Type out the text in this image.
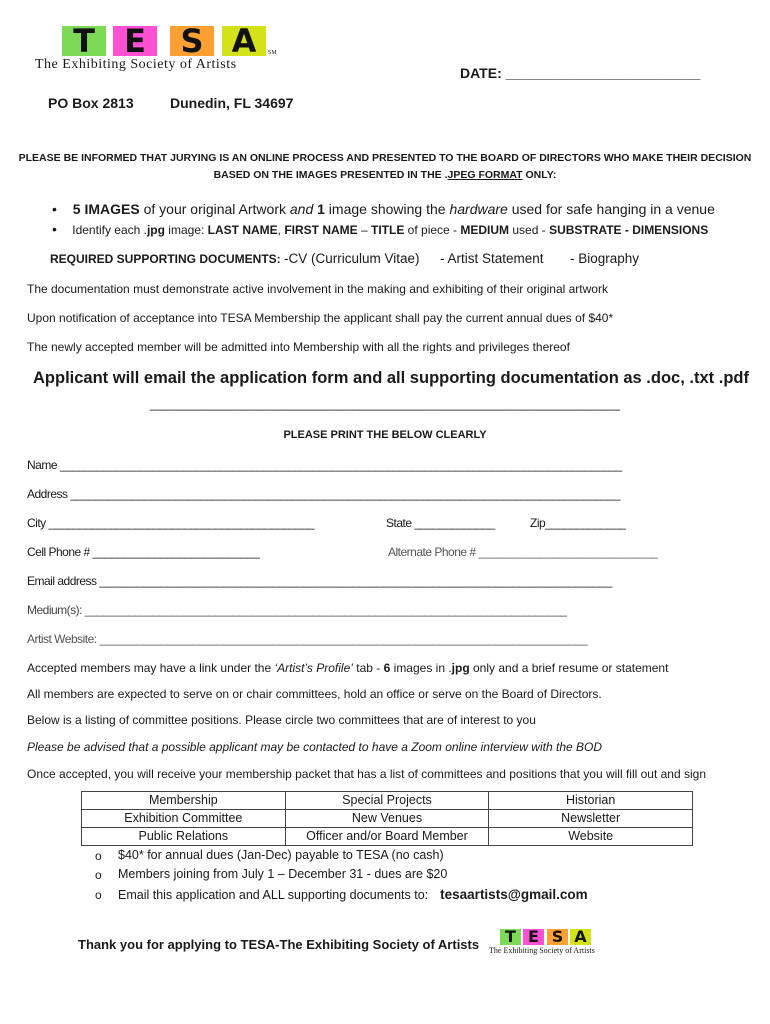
T E	S A	SM
The Exhibiting Society of Artists
DATE: _________________________
PO Box 2813	Dunedin, FL 34697
PLEASE BE INFORMED THAT JURYING IS AN ONLINE PROCESS AND PRESENTED TO THE BOARD OF DIRECTORS WHO MAKE THEIR DECISION
BASED ON THE IMAGES PRESENTED IN THE .JPEG FORMAT ONLY:
• 5 IMAGES of your original Artwork and 1 image showing the hardware used for safe hanging in a venue
• Identify each .jpg image: LAST NAME, FIRST NAME – TITLE of piece - MEDIUM used - SUBSTRATE - DIMENSIONS
REQUIRED SUPPORTING DOCUMENTS: -CV (Curriculum Vitae) - Artist Statement - Biography
The documentation must demonstrate active involvement in the making and exhibiting of their original artwork
Upon notification of acceptance into TESA Membership the applicant shall pay the current annual dues of $40*
The newly accepted member will be admitted into Membership with all the rights and privileges thereof
Applicant will email the application form and all supporting documentation as .doc, .txt .pdf
_________________________________________________________________
PLEASE PRINT THE BELOW CLEARLY
Name ___________________________________________________________________________________________
Address _________________________________________________________________________________________
City ___________________________________________	State _____________	Zip_____________
Cell Phone # ___________________________	Alternate Phone # _____________________________
Email address ___________________________________________________________________________________
Medium(s): ______________________________________________________________________________
Artist Website: _______________________________________________________________________________
Accepted members may have a link under the ‘Artist’s Profile’ tab - 6 images in .jpg only and a brief resume or statement
All members are expected to serve on or chair committees, hold an office or serve on the Board of Directors.
Below is a listing of committee positions. Please circle two committees that are of interest to you
Please be advised that a possible applicant may be contacted to have a Zoom online interview with the BOD
Once accepted, you will receive your membership packet that has a list of committees and positions that you will fill out and sign
Membership	Special Projects	Historian
Exhibition Committee	New Venues	Newsletter
Public Relations	Officer and/or Board Member	Website
o $40* for annual dues (Jan-Dec) payable to TESA (no cash)
o Members joining from July 1 – December 31 - dues are $20
o Email this application and ALL supporting documents to: tesaartists@gmail.com
Thank you for applying to TESA-The Exhibiting Society of Artists	T E S A
The Exhibiting Society of Artists
